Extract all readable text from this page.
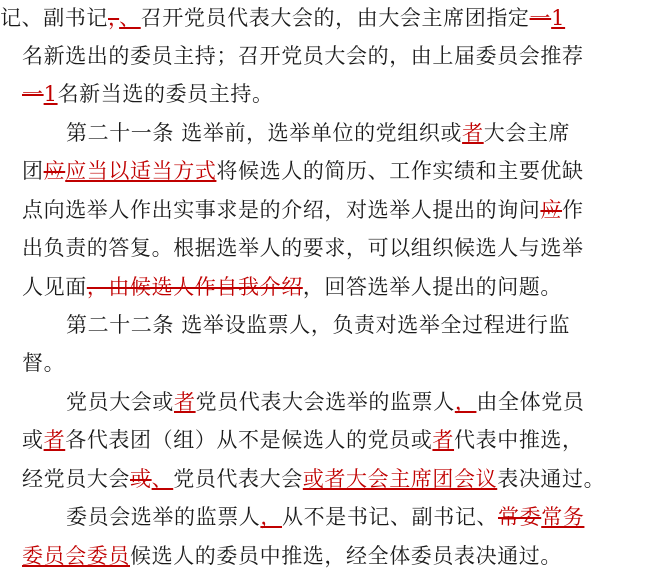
记、副书记，、召开党员代表大会的，由大会主席团指定一1
名新选出的委员主持；召开党员大会的，由上届委员会推荐
一1名新当选的委员主持。
第二十一条 选举前，选举单位的党组织或者大会主席
团应应当以适当方式将候选人的简历、工作实绩和主要优缺
点向选举人作出实事求是的介绍，对选举人提出的询问应作
出负责的答复。根据选举人的要求，可以组织候选人与选举
人见面，由候选人作自我介绍，回答选举人提出的问题。
第二十二条 选举设监票人，负责对选举全过程进行监
督。
党员大会或者党员代表大会选举的监票人，由全体党员
或者各代表团（组）从不是候选人的党员或者代表中推选，
经党员大会或、党员代表大会或者大会主席团会议表决通过。
委员会选举的监票人，从不是书记、副书记、常委常务
委员会委员候选人的委员中推选，经全体委员表决通过。
